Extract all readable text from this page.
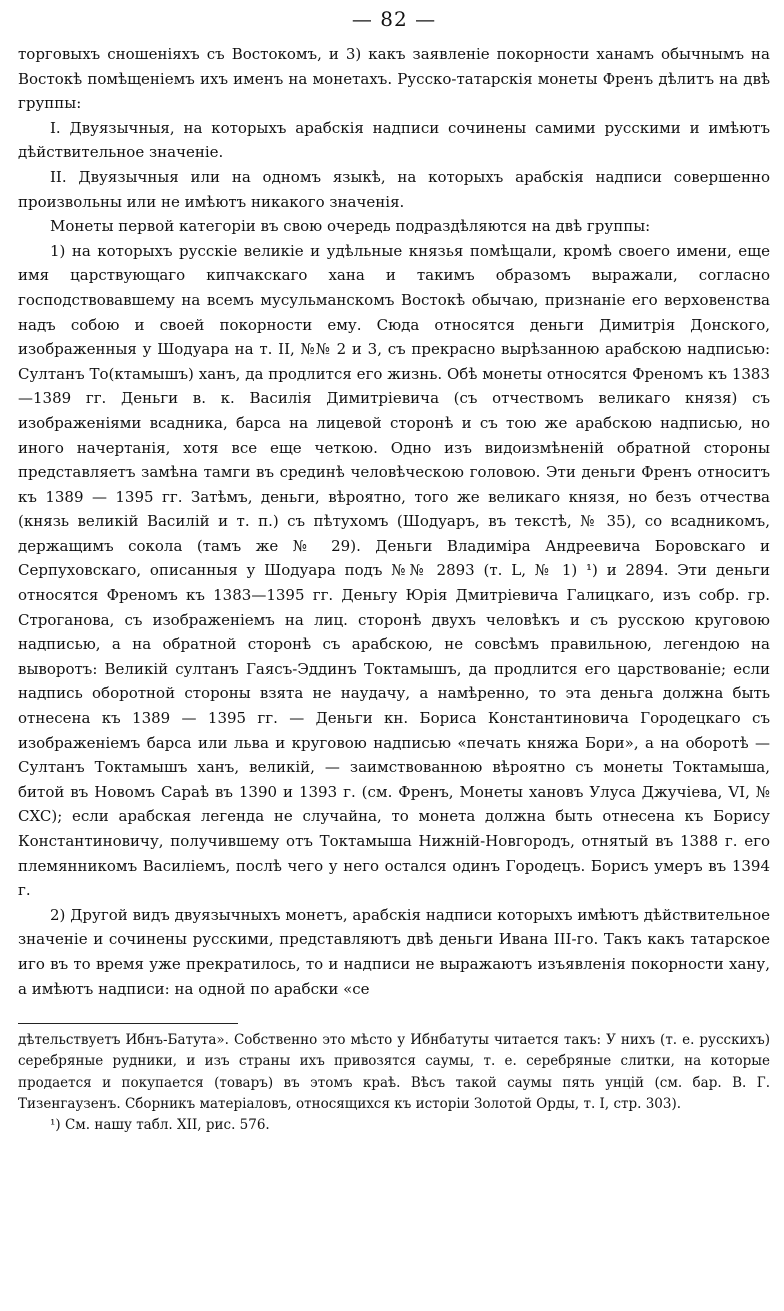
— 82 —

торговыхъ сношеніяхъ съ Востокомъ, и 3) какъ заявленіе покорности ханамъ обычнымъ на Востокѣ помѣщеніемъ ихъ именъ на монетахъ. Русско-татарскія монеты Френъ дѣлитъ на двѣ группы:

I. Двуязычныя, на которыхъ арабскія надписи сочинены самими русскими и имѣютъ дѣйствительное значеніе.

II. Двуязычныя или на одномъ языкѣ, на которыхъ арабскія надписи совершенно произвольны или не имѣютъ никакого значенія.

Монеты первой категоріи въ свою очередь подраздѣляются на двѣ группы:

1) на которыхъ русскіе великіе и удѣльные князья помѣщали, кромѣ своего имени, еще имя царствующаго кипчакскаго хана и такимъ образомъ выражали, согласно господствовавшему на всемъ мусульманскомъ Востокѣ обычаю, признаніе его верховенства надъ собою и своей покорности ему. Сюда относятся деньги Димитрія Донского, изображенныя у Шодуара на т. II, №№ 2 и 3, съ прекрасно вырѣзанною арабскою надписью: Султанъ То(ктамышъ) ханъ, да продлится его жизнь. Обѣ монеты относятся Френомъ къ 1383—1389 гг. Деньги в. к. Василія Димитріевича (съ отчествомъ великаго князя) съ изображеніями всадника, барса на лицевой сторонѣ и съ тою же арабскою надписью, но иного начертанія, хотя все еще четкою. Одно изъ видоизмѣненій обратной стороны представляетъ замѣна тамги въ срединѣ человѣческою головою. Эти деньги Френъ относитъ къ 1389 — 1395 гг. Затѣмъ, деньги, вѣроятно, того же великаго князя, но безъ отчества (князь великій Василій и т. п.) съ пѣтухомъ (Шодуаръ, въ текстѣ, № 35), со всадникомъ, держащимъ сокола (тамъ же № 29). Деньги Владиміра Андреевича Боровскаго и Серпуховскаго, описанныя у Шодуара подъ №№ 2893 (т. L, № 1) ¹) и 2894. Эти деньги относятся Френомъ къ 1383—1395 гг. Деньгу Юрія Дмитріевича Галицкаго, изъ собр. гр. Строганова, съ изображеніемъ на лиц. сторонѣ двухъ человѣкъ и съ русскою круговою надписью, а на обратной сторонѣ съ арабскою, не совсѣмъ правильною, легендою на выворотъ: Великій султанъ Гаясъ-Эддинъ Токтамышъ, да продлится его царствованіе; если надпись оборотной стороны взята не наудачу, а намѣренно, то эта деньга должна быть отнесена къ 1389 — 1395 гг. — Деньги кн. Бориса Константиновича Городецкаго съ изображеніемъ барса или льва и круговою надписью «печать княжа Бори», а на оборотѣ — Султанъ Токтамышъ ханъ, великій, — заимствованною вѣроятно съ монеты Токтамыша, битой въ Новомъ Сараѣ въ 1390 и 1393 г. (см. Френъ, Монеты хановъ Улуса Джучіева, VI, № CXC); если арабская легенда не случайна, то монета должна быть отнесена къ Борису Константиновичу, получившему отъ Токтамыша Нижній-Новгородъ, отнятый въ 1388 г. его племянникомъ Василіемъ, послѣ чего у него остался одинъ Городецъ. Борисъ умеръ въ 1394 г.

2) Другой видъ двуязычныхъ монетъ, арабскія надписи которыхъ имѣютъ дѣйствительное значеніе и сочинены русскими, представляютъ двѣ деньги Ивана III-го. Такъ какъ татарское иго въ то время уже прекратилось, то и надписи не выражаютъ изъявленія покорности хану, а имѣютъ надписи: на одной по арабски «се

дѣтельствуетъ Ибнъ-Батута». Собственно это мѣсто у Ибнбатуты читается такъ: У нихъ (т. е. русскихъ) серебряные рудники, и изъ страны ихъ привозятся саумы, т. е. серебряные слитки, на которые продается и покупается (товаръ) въ этомъ краѣ. Вѣсъ такой саумы пять унцій (см. бар. В. Г. Тизенгаузенъ. Сборникъ матеріаловъ, относящихся къ исторіи Золотой Орды, т. I, стр. 303).

¹) См. нашу табл. XII, рис. 576.
